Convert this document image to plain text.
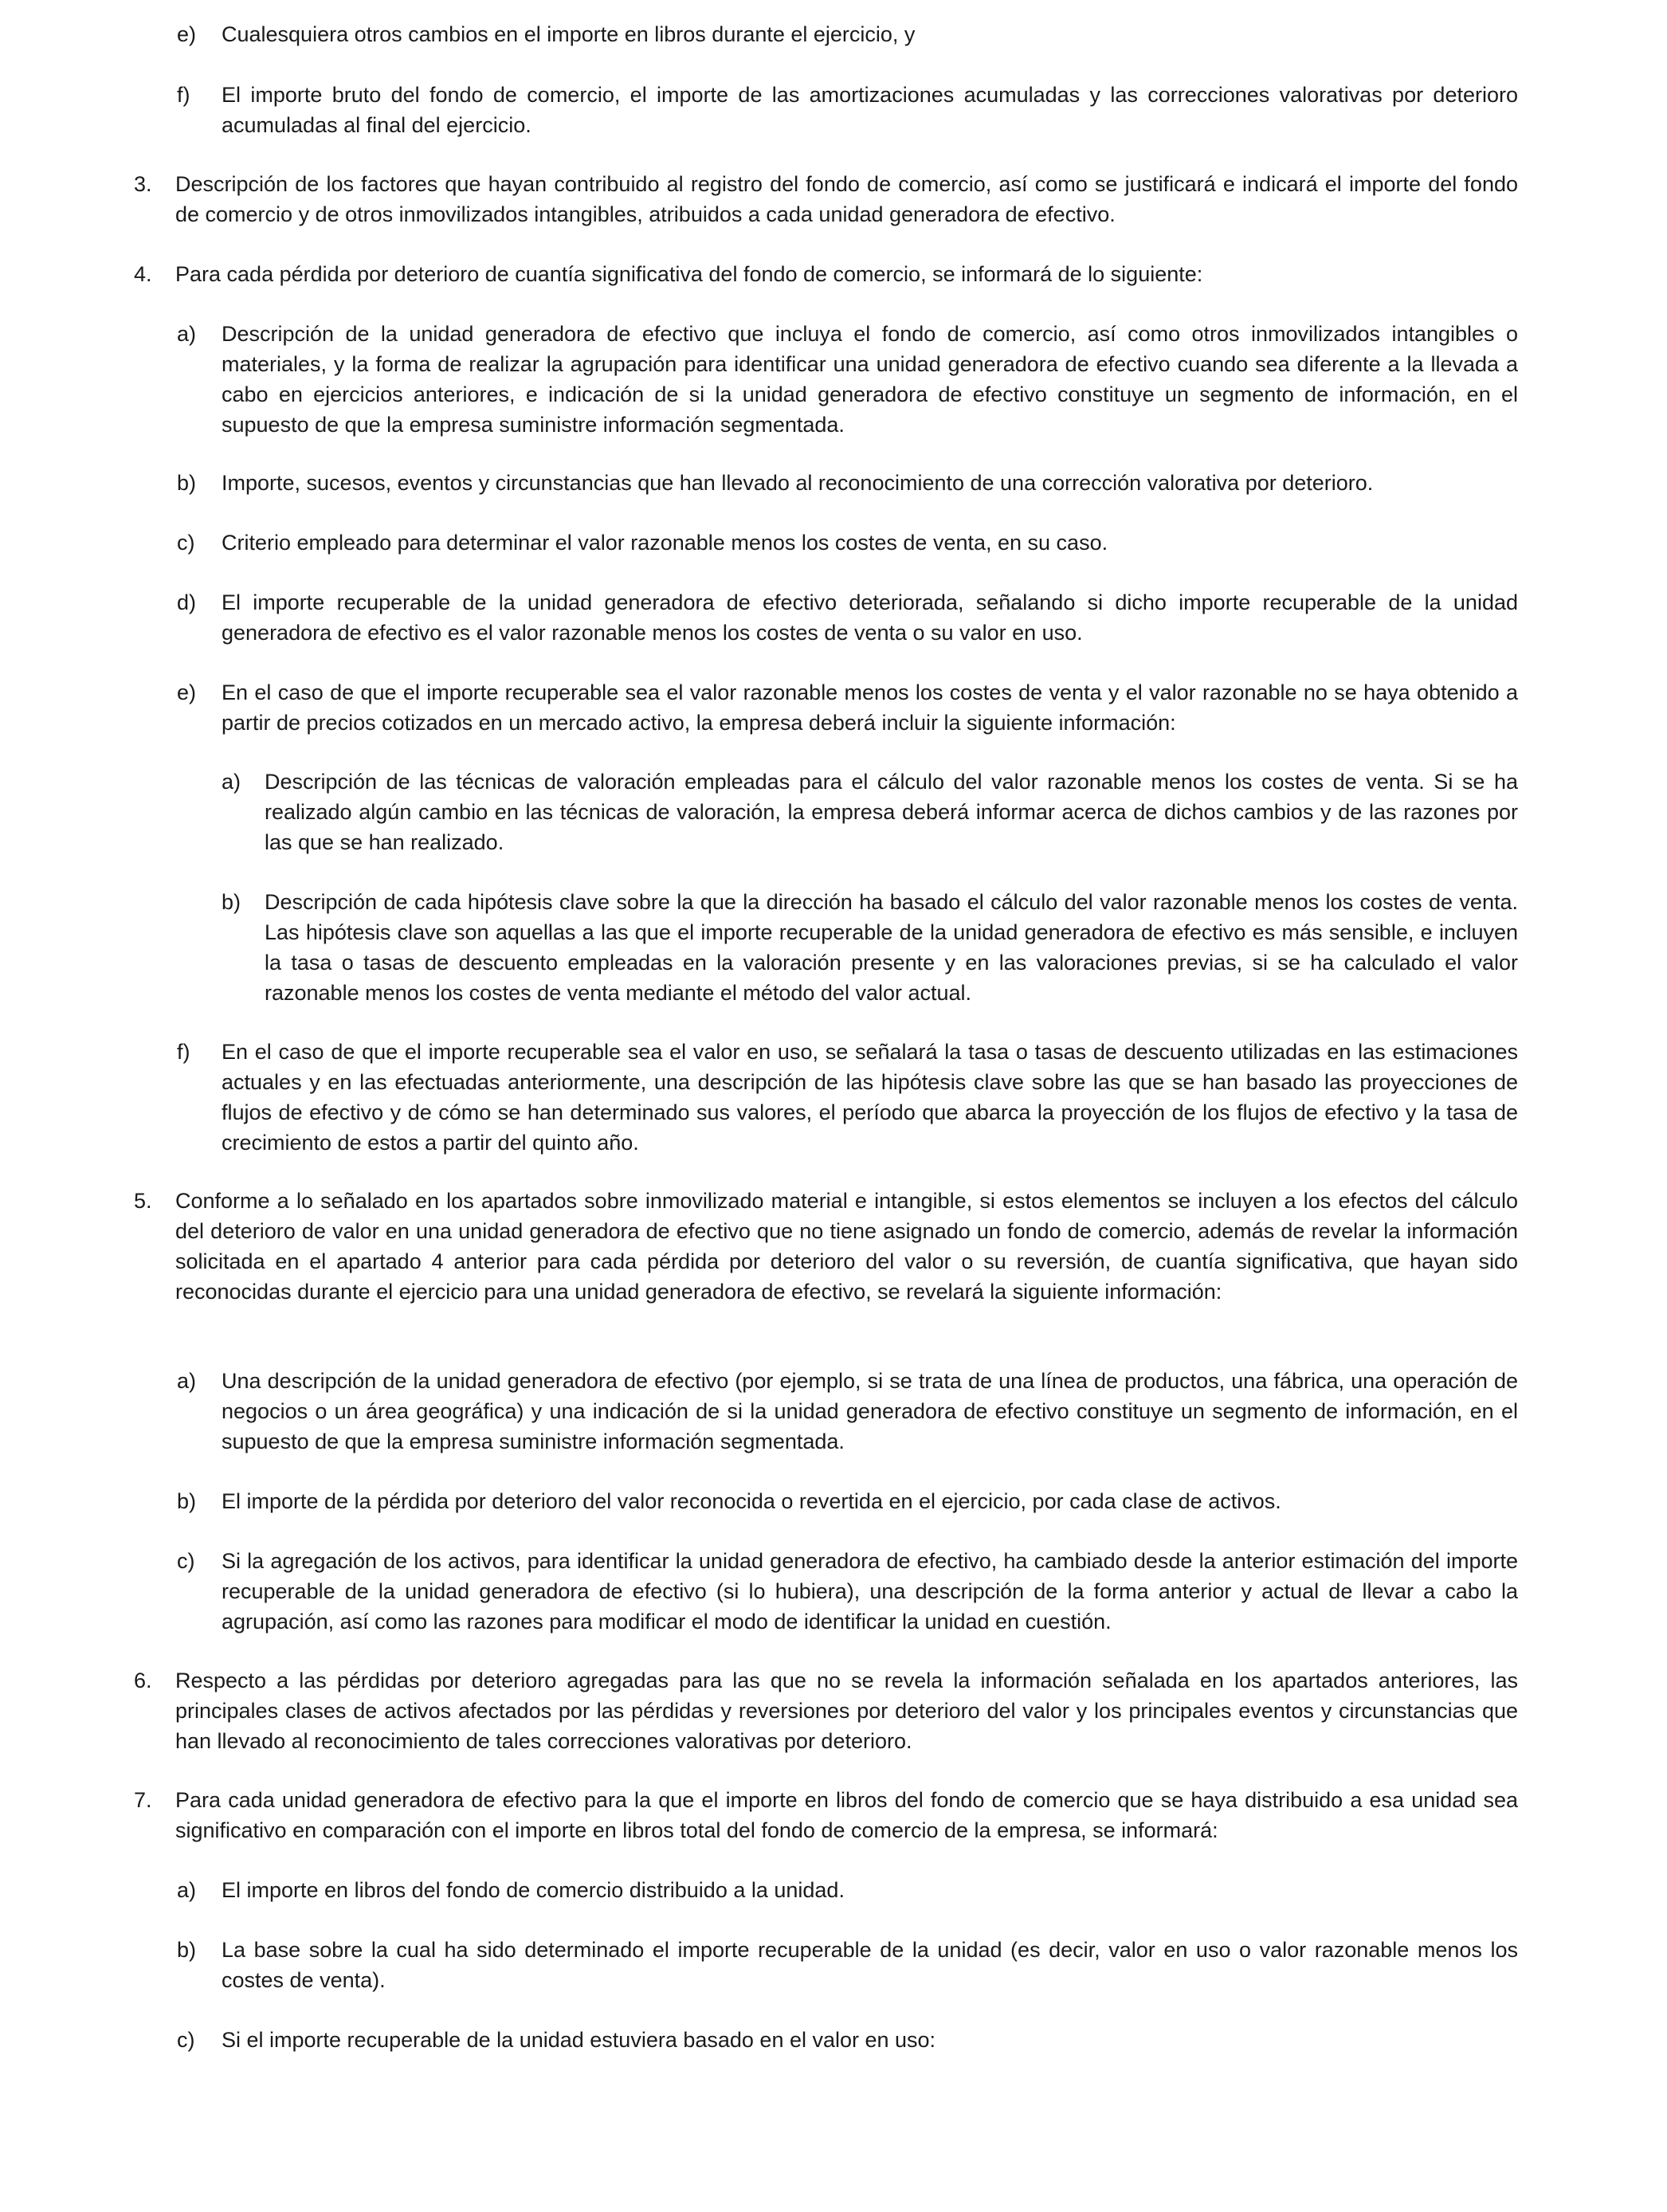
e)	Cualesquiera otros cambios en el importe en libros durante el ejercicio, y
f)	El importe bruto del fondo de comercio, el importe de las amortizaciones acumuladas y las correcciones valorativas por deterioro acumuladas al final del ejercicio.
3.	Descripción de los factores que hayan contribuido al registro del fondo de comercio, así como se justificará e indicará el importe del fondo de comercio y de otros inmovilizados intangibles, atribuidos a cada unidad generadora de efectivo.
4.	Para cada pérdida por deterioro de cuantía significativa del fondo de comercio, se informará de lo siguiente:
a)	Descripción de la unidad generadora de efectivo que incluya el fondo de comercio, así como otros inmovilizados intangibles o materiales, y la forma de realizar la agrupación para identificar una unidad generadora de efectivo cuando sea diferente a la llevada a cabo en ejercicios anteriores, e indicación de si la unidad generadora de efectivo constituye un segmento de información, en el supuesto de que la empresa suministre información segmentada.
b)	Importe, sucesos, eventos y circunstancias que han llevado al reconocimiento de una corrección valorativa por deterioro.
c)	Criterio empleado para determinar el valor razonable menos los costes de venta, en su caso.
d)	El importe recuperable de la unidad generadora de efectivo deteriorada, señalando si dicho importe recuperable de la unidad generadora de efectivo es el valor razonable menos los costes de venta o su valor en uso.
e)	En el caso de que el importe recuperable sea el valor razonable menos los costes de venta y el valor razonable no se haya obtenido a partir de precios cotizados en un mercado activo, la empresa deberá incluir la siguiente información:
a)	Descripción de las técnicas de valoración empleadas para el cálculo del valor razonable menos los costes de venta. Si se ha realizado algún cambio en las técnicas de valoración, la empresa deberá informar acerca de dichos cambios y de las razones por las que se han realizado.
b)	Descripción de cada hipótesis clave sobre la que la dirección ha basado el cálculo del valor razonable menos los costes de venta. Las hipótesis clave son aquellas a las que el importe recuperable de la unidad generadora de efectivo es más sensible, e incluyen la tasa o tasas de descuento empleadas en la valoración presente y en las valoraciones previas, si se ha calculado el valor razonable menos los costes de venta mediante el método del valor actual.
f)	En el caso de que el importe recuperable sea el valor en uso, se señalará la tasa o tasas de descuento utilizadas en las estimaciones actuales y en las efectuadas anteriormente, una descripción de las hipótesis clave sobre las que se han basado las proyecciones de flujos de efectivo y de cómo se han determinado sus valores, el período que abarca la proyección de los flujos de efectivo y la tasa de crecimiento de estos a partir del quinto año.
5.	Conforme a lo señalado en los apartados sobre inmovilizado material e intangible, si estos elementos se incluyen a los efectos del cálculo del deterioro de valor en una unidad generadora de efectivo que no tiene asignado un fondo de comercio, además de revelar la información solicitada en el apartado 4 anterior para cada pérdida por deterioro del valor o su reversión, de cuantía significativa, que hayan sido reconocidas durante el ejercicio para una unidad generadora de efectivo, se revelará la siguiente información:
a)	Una descripción de la unidad generadora de efectivo (por ejemplo, si se trata de una línea de productos, una fábrica, una operación de negocios o un área geográfica) y una indicación de si la unidad generadora de efectivo constituye un segmento de información, en el supuesto de que la empresa suministre información segmentada.
b)	El importe de la pérdida por deterioro del valor reconocida o revertida en el ejercicio, por cada clase de activos.
c)	Si la agregación de los activos, para identificar la unidad generadora de efectivo, ha cambiado desde la anterior estimación del importe recuperable de la unidad generadora de efectivo (si lo hubiera), una descripción de la forma anterior y actual de llevar a cabo la agrupación, así como las razones para modificar el modo de identificar la unidad en cuestión.
6.	Respecto a las pérdidas por deterioro agregadas para las que no se revela la información señalada en los apartados anteriores, las principales clases de activos afectados por las pérdidas y reversiones por deterioro del valor y los principales eventos y circunstancias que han llevado al reconocimiento de tales correcciones valorativas por deterioro.
7.	Para cada unidad generadora de efectivo para la que el importe en libros del fondo de comercio que se haya distribuido a esa unidad sea significativo en comparación con el importe en libros total del fondo de comercio de la empresa, se informará:
a)	El importe en libros del fondo de comercio distribuido a la unidad.
b)	La base sobre la cual ha sido determinado el importe recuperable de la unidad (es decir, valor en uso o valor razonable menos los costes de venta).
c)	Si el importe recuperable de la unidad estuviera basado en el valor en uso:
